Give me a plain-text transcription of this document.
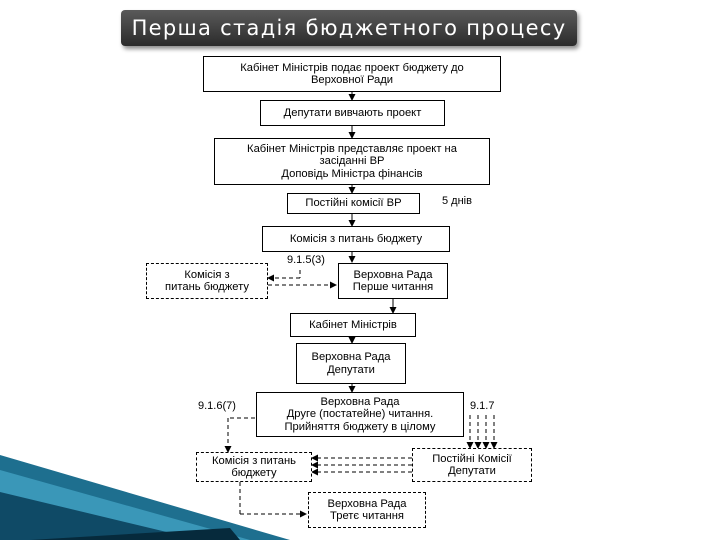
Перша стадія бюджетного процесу
Кабінет Міністрів подає проект бюджету до
Верховної Ради
Депутати вивчають проект
Кабінет Міністрів представляє проект на
засіданні ВР
Доповідь Міністра фінансів
Постійні комісії ВР	5 днів
Комісія з питань бюджету
9.1.5(3)
Комісія з
питань бюджету
Верховна Рада
Перше читання
Кабінет Міністрів
Верховна Рада
Депутати
9.1.6(7)	9.1.7
Верховна Рада
Друге (постатейне) читання.
Прийняття бюджету в цілому
Комісія з питань
бюджету
Постійні Комісії
Депутати
Верховна Рада
Третє читання
